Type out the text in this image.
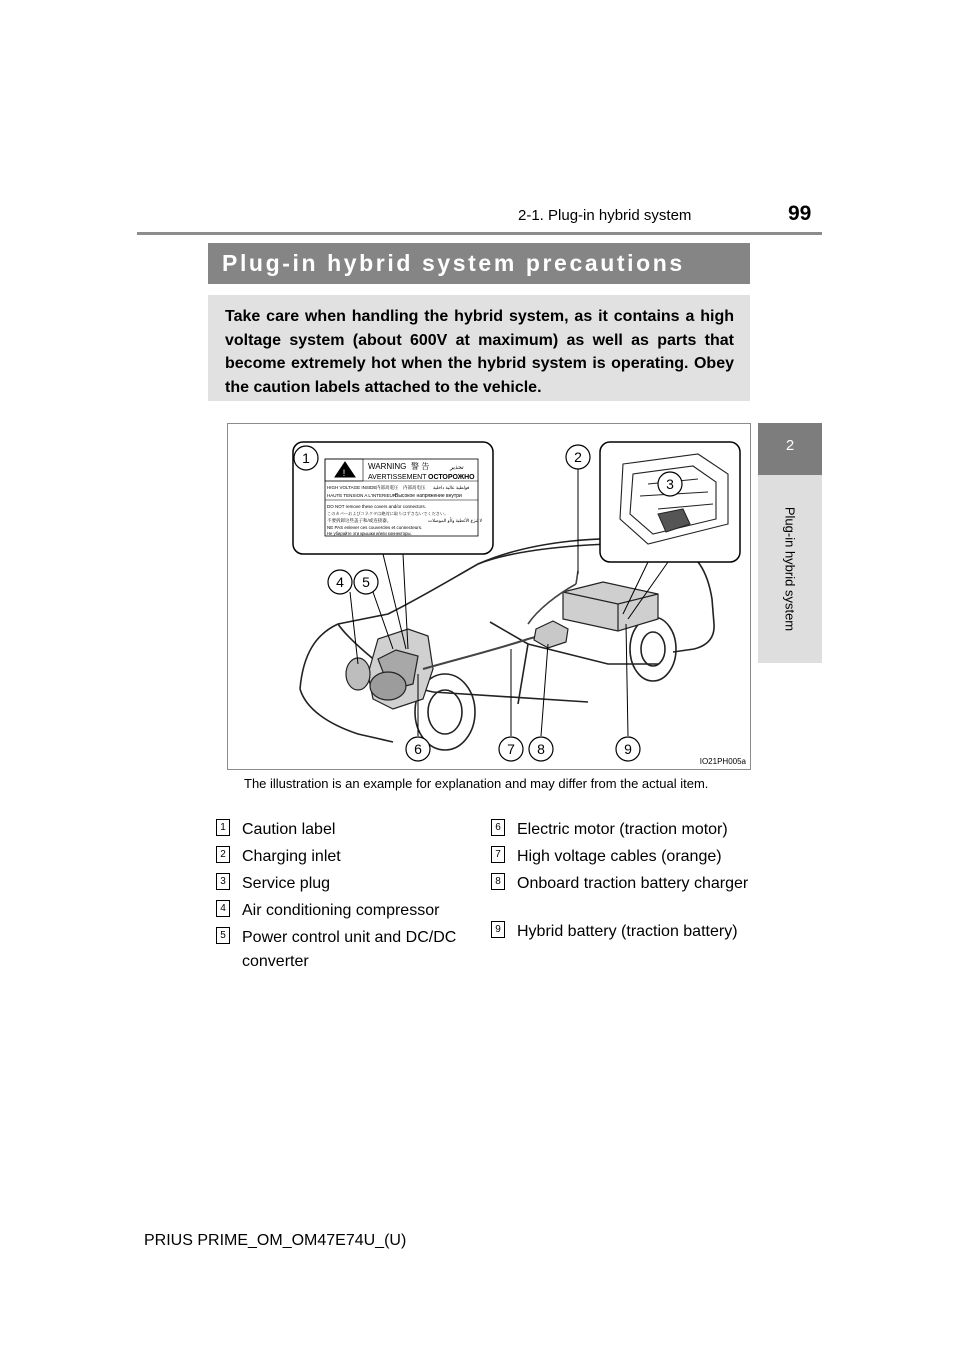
99
2-1. Plug-in hybrid system
2
Plug-in hybrid system
Plug-in hybrid system precautions
Take care when handling the hybrid system, as it contains a high voltage system (about 600V at maximum) as well as parts that become extremely hot when the hybrid system is operating. Obey the caution labels attached to the vehicle.
!
WARNING 警 告	تحذير
AVERTISSEMENT ОСТОРОЖНО
HIGH VOLTAGE INSIDE 内部高電圧 内部高电压 فولطية عالية داخلية
HAUTE TENSION A L'INTERIEUR
Высокое напряжение внутри
DO NOT remove these covers and/or connectors.
このカバーおよびコネクタは絶対に取りはずさないでください。
不要拆卸这些盖子和/或连接器。	لا تنزع الأغطية و/أو الموصلات
NE PAS enlever ces couvercles et connecteurs.
Не убирайте эти крышки и/или коннекторы.
1	2
3
4 5
6	7 8	9
IO21PH005a
The illustration is an example for explanation and may differ from the actual item.
1 Caution label
2 Charging inlet
3 Service plug
4 Air conditioning compressor
5 Power control unit and DC/DC converter
6 Electric motor (traction motor)
7 High voltage cables (orange)
8 Onboard traction battery charger
9 Hybrid battery (traction battery)
PRIUS PRIME_OM_OM47E74U_(U)
